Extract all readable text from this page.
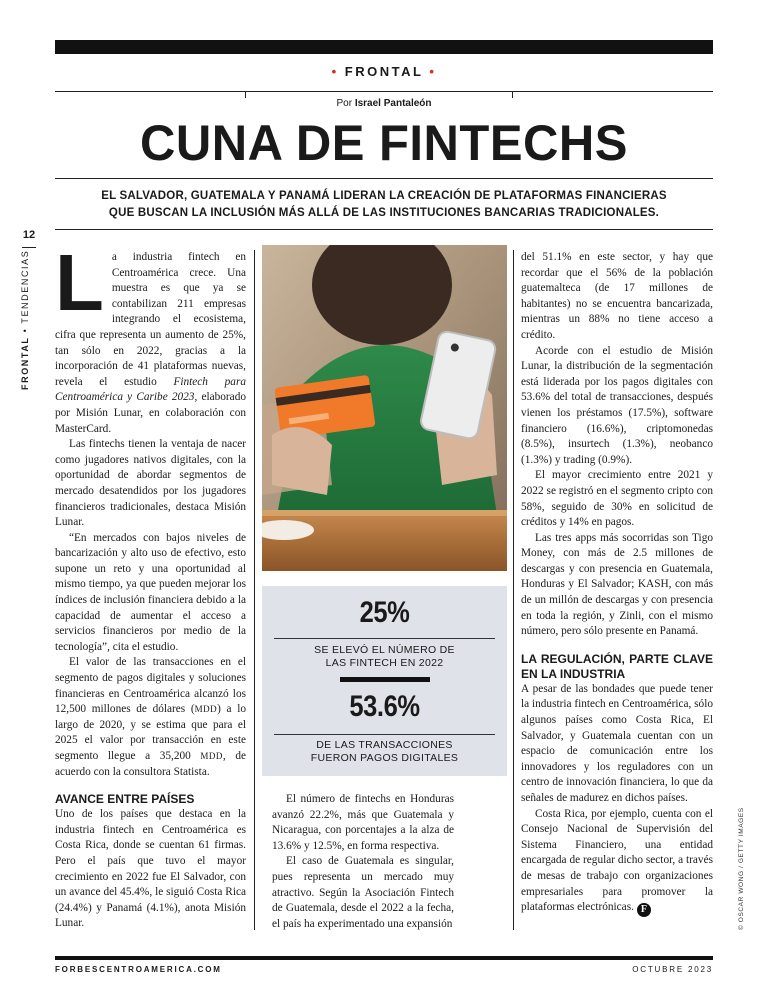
• FRONTAL •
Por Israel Pantaleón
CUNA DE FINTECHS
EL SALVADOR, GUATEMALA Y PANAMÁ LIDERAN LA CREACIÓN DE PLATAFORMAS FINANCIERAS
QUE BUSCAN LA INCLUSIÓN MÁS ALLÁ DE LAS INSTITUCIONES BANCARIAS TRADICIONALES.
12
FRONTAL • TENDENCIAS La industria fintech en Centroamérica crece. Una muestra es que ya se contabilizan 211 empresas integrando el ecosistema, cifra que representa un aumento de 25%, tan sólo en 2022, gracias a la incorporación de 41 plataformas nuevas, revela el estudio Fintech para Centroamérica y Caribe 2023, elaborado por Misión Lunar, en colaboración con MasterCard.

Las fintechs tienen la ventaja de nacer como jugadores nativos digitales, con la oportunidad de abordar segmentos de mercado desatendidos por los jugadores financieros tradicionales, destaca Misión Lunar.

“En mercados con bajos niveles de bancarización y alto uso de efectivo, esto supone un reto y una oportunidad al mismo tiempo, ya que pueden mejorar los índices de inclusión financiera debido a la capacidad de aumentar el acceso a servicios financieros por medio de la tecnología”, cita el estudio.

El valor de las transacciones en el segmento de pagos digitales y soluciones financieras en Centroamérica alcanzó los 12,500 millones de dólares (MDD) a lo largo de 2020, y se estima que para el 2025 el valor por transacción en este segmento llegue a 35,200 MDD, de acuerdo con la consultora Statista.

AVANCE ENTRE PAÍSES

Uno de los países que destaca en la industria fintech en Centroamérica es Costa Rica, donde se cuentan 61 firmas. Pero el país que tuvo el mayor crecimiento en 2022 fue El Salvador, con un avance del 45.4%, le siguió Costa Rica (24.4%) y Panamá (4.1%), anota Misión Lunar.

25%
SE ELEVÓ EL NÚMERO DE
LAS FINTECH EN 2022
53.6%
DE LAS TRANSACCIONES
FUERON PAGOS DIGITALES

El número de fintechs en Honduras avanzó 22.2%, más que Guatemala y Nicaragua, con porcentajes a la alza de 13.6% y 12.5%, en forma respectiva.

El caso de Guatemala es singular, pues representa un mercado muy atractivo. Según la Asociación Fintech de Guatemala, desde el 2022 a la fecha, el país ha experimentado una expansión

del 51.1% en este sector, y hay que recordar que el 56% de la población guatemalteca (de 17 millones de habitantes) no se encuentra bancarizada, mientras un 88% no tiene acceso a crédito.

Acorde con el estudio de Misión Lunar, la distribución de la segmentación está liderada por los pagos digitales con 53.6% del total de transacciones, después vienen los préstamos (17.5%), software financiero (16.6%), criptomonedas (8.5%), insurtech (1.3%), neobanco (1.3%) y trading (0.9%).

El mayor crecimiento entre 2021 y 2022 se registró en el segmento cripto con 58%, seguido de 30% en solicitud de créditos y 14% en pagos.

Las tres apps más socorridas son Tigo Money, con más de 2.5 millones de descargas y con presencia en Guatemala, Honduras y El Salvador; KASH, con más de un millón de descargas y con presencia en toda la región, y Zinli, con el mismo número, pero sólo presente en Panamá.

LA REGULACIÓN, PARTE CLAVE EN LA INDUSTRIA

A pesar de las bondades que puede tener la industria fintech en Centroamérica, sólo algunos países como Costa Rica, El Salvador, y Guatemala cuentan con un espacio de comunicación entre los innovadores y los reguladores con un centro de innovación financiera, lo que da señales de madurez en dichos países.

Costa Rica, por ejemplo, cuenta con el Consejo Nacional de Supervisión del Sistema Financiero, una entidad encargada de regular dicho sector, a través de mesas de trabajo con organizaciones empresariales para promover la plataformas electrónicas. F	© OSCAR WONG / GETTY IMAGES
FORBESCENTROAMERICA.COM	OCTUBRE 2023
